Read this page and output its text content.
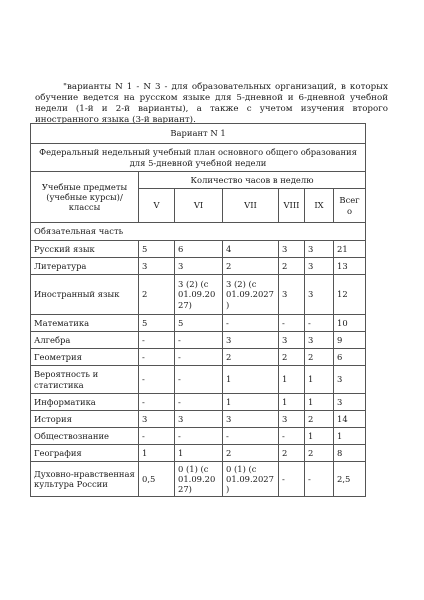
"варианты N 1 - N 3 - для образовательных организаций, в которых обучение ведется на русском языке для 5-дневной и 6-дневной учебной недели (1-й и 2-й варианты), а также с учетом изучения второго иностранного языка (3-й вариант).

Вариант N 1						
Федеральный недельный учебный план основного общего образования для 5-дневной учебной недели						
Учебные предметы (учебные курсы)/классы	Количество часов в неделю					
	V	VI	VII	VIII	IX	Всего
Обязательная часть						
Русский язык	5	6	4	3	3	21
Литература	3	3	2	2	3	13
Иностранный язык	2	3 (2) (с 01.09.2027)	3 (2) (с 01.09.2027)	3	3	12
Математика	5	5	-	-	-	10
Алгебра	-	-	3	3	3	9
Геометрия	-	-	2	2	2	6
Вероятность и статистика	-	-	1	1	1	3
Информатика	-	-	1	1	1	3
История	3	3	3	3	2	14
Обществознание	-	-	-	-	1	1
География	1	1	2	2	2	8
Духовно-нравственная культура России	0,5	0 (1) (с 01.09.2027)	0 (1) (с 01.09.2027)	-	-	2,5
